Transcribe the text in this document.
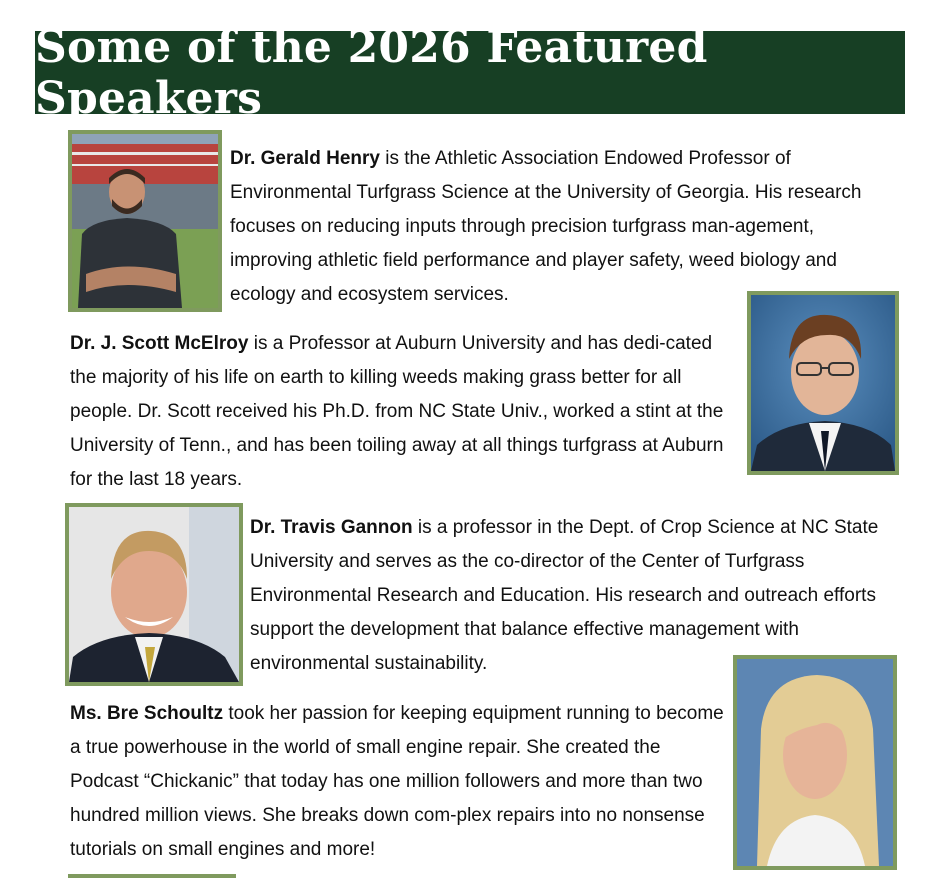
Some of the 2026 Featured Speakers

Dr. Gerald Henry is the Athletic Association Endowed Professor of Environmental Turfgrass Science at the University of Georgia. His research focuses on reducing inputs through precision turfgrass man-agement, improving athletic field performance and player safety, weed biology and ecology and ecosystem services.

Dr. J. Scott McElroy is a Professor at Auburn University and has dedi-cated the majority of his life on earth to killing weeds making grass better for all people. Dr. Scott received his Ph.D. from NC State Univ., worked a stint at the University of Tenn., and has been toiling away at all things turfgrass at Auburn for the last 18 years.

Dr. Travis Gannon is a professor in the Dept. of Crop Science at NC State University and serves as the co-director of the Center of Turfgrass Environmental Research and Education. His research and outreach efforts support the development that balance effective management with environmental sustainability.

Ms. Bre Schoultz took her passion for keeping equipment running to become a true powerhouse in the world of small engine repair. She created the Podcast “Chickanic” that today has one million followers and more than two hundred million views. She breaks down com-plex repairs into no nonsense tutorials on small engines and more!
